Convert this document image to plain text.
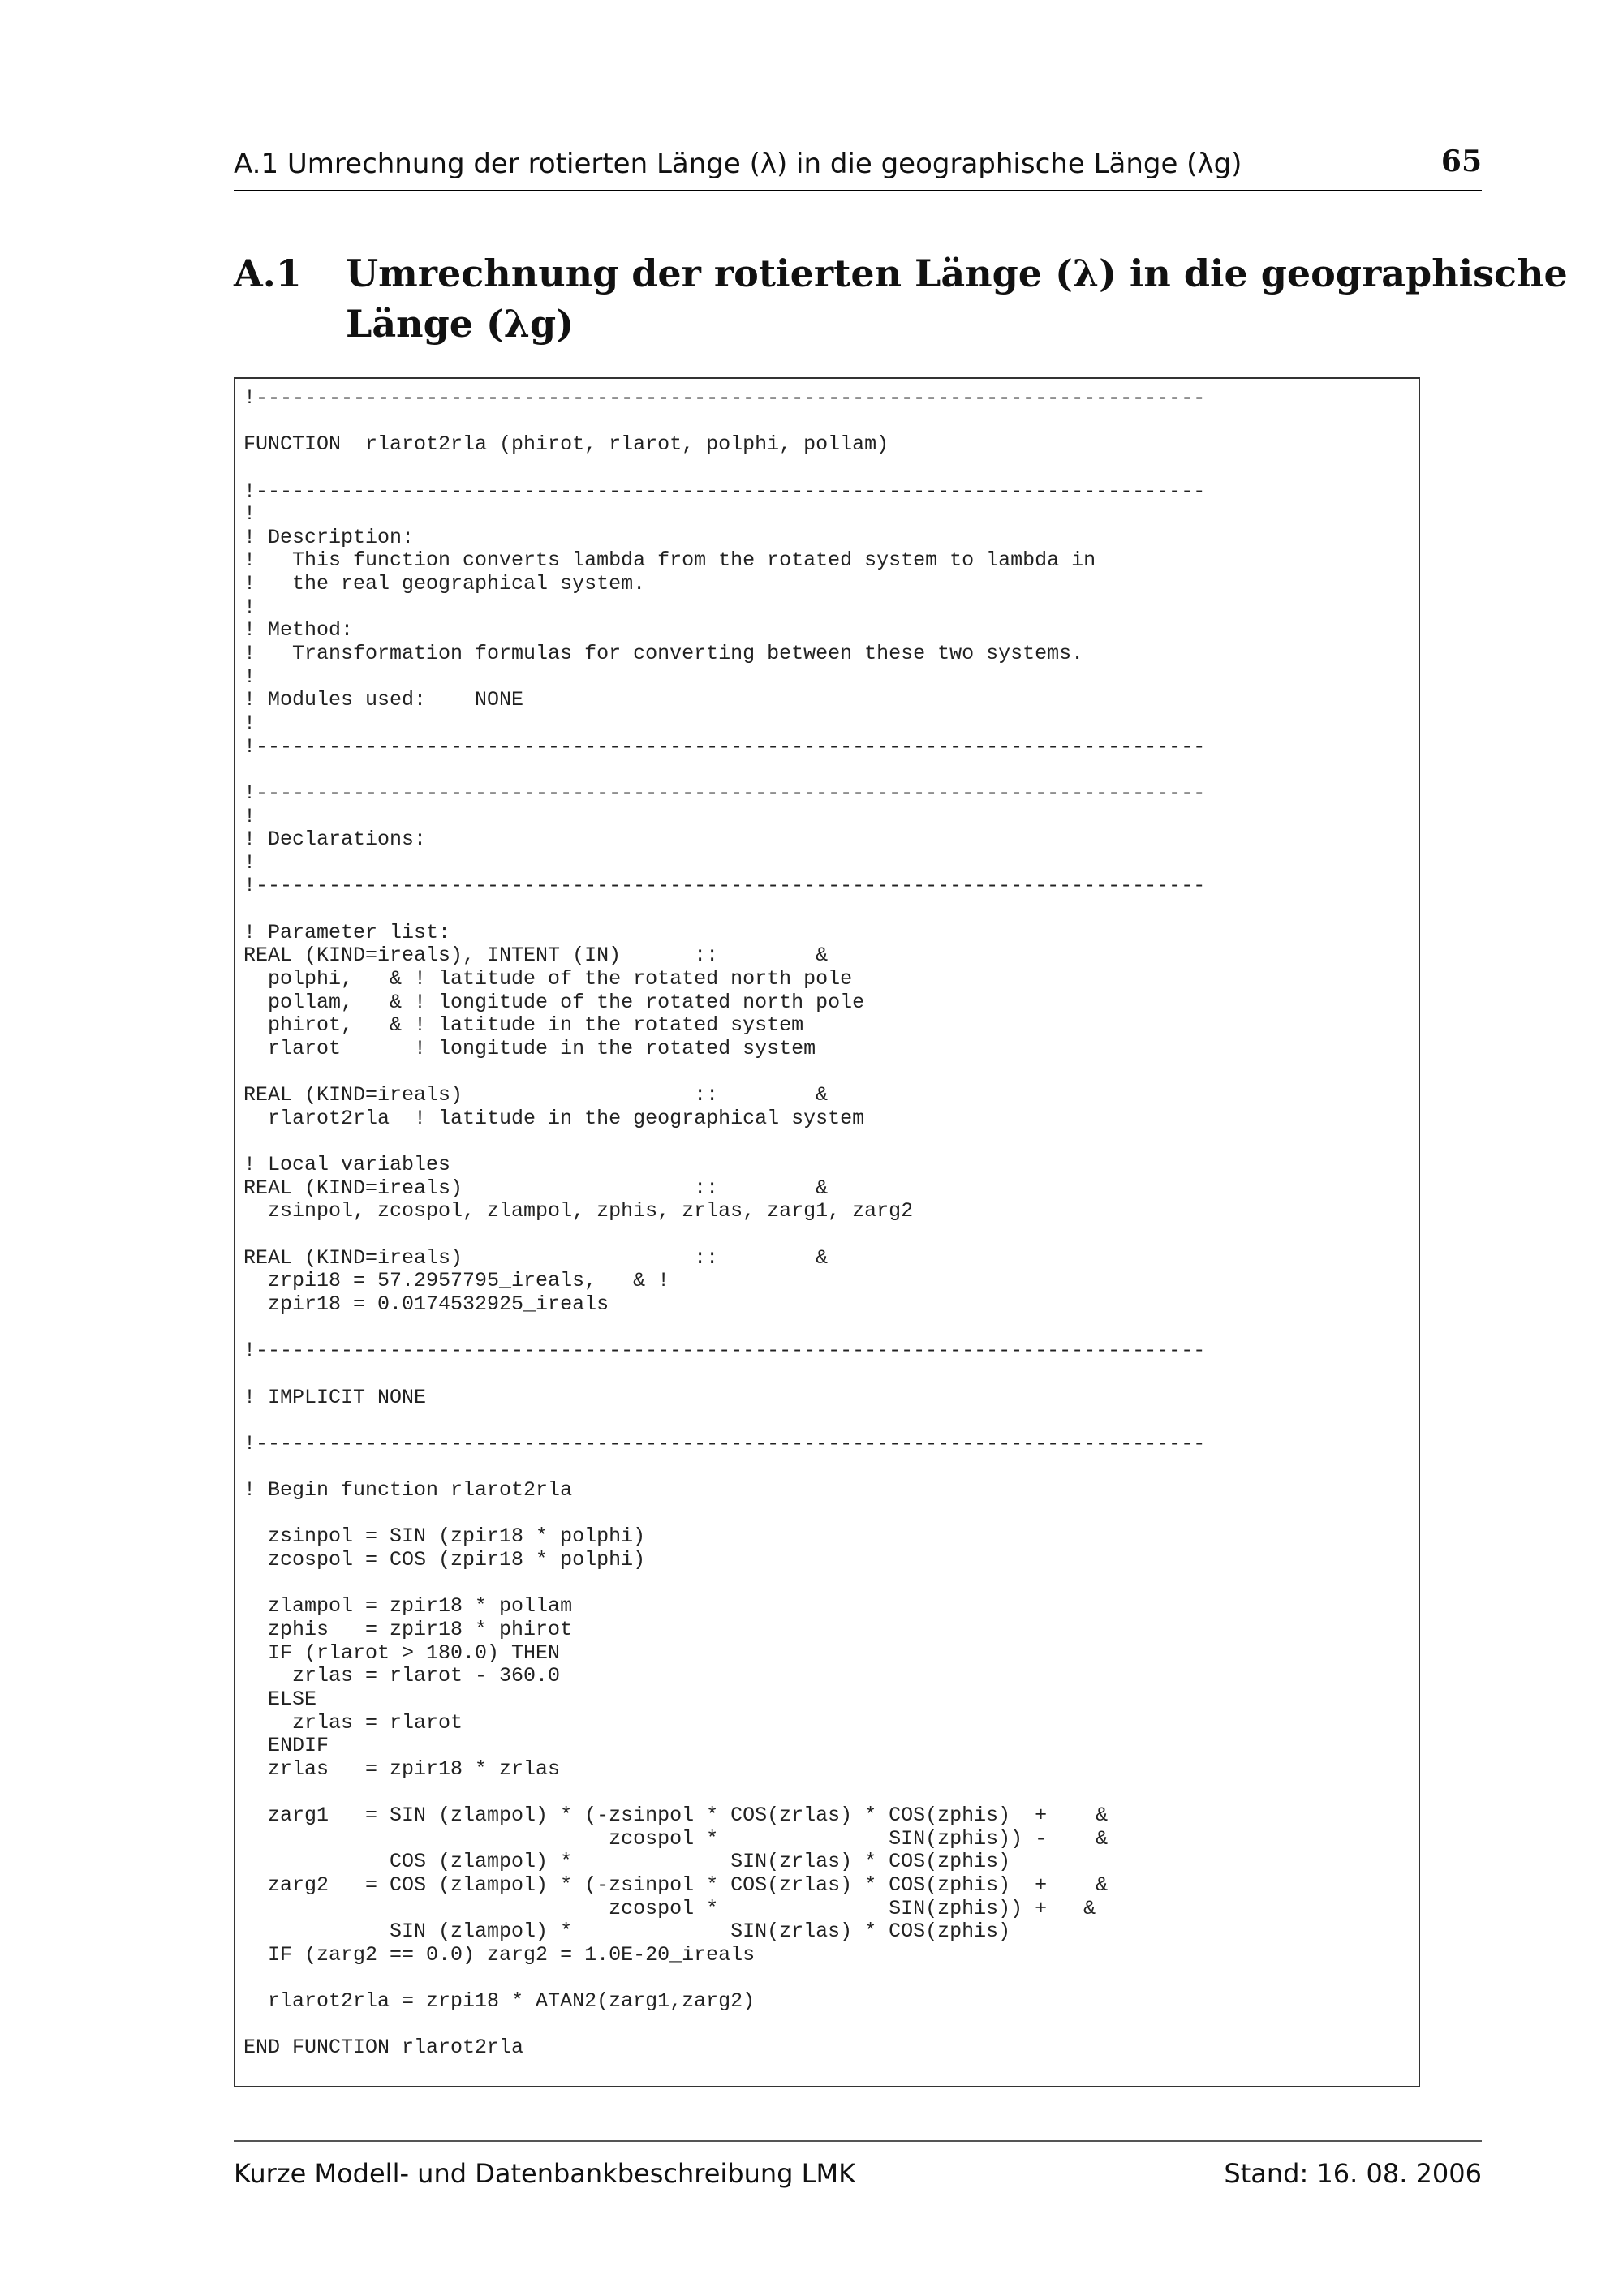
A.1 Umrechnung der rotierten Länge (λ) in die geographische Länge (λg)	65
A.1 Umrechnung der rotierten Länge (λ) in die geographische
Länge (λg)
!------------------------------------------------------------------------------
FUNCTION  rlarot2rla (phirot, rlarot, polphi, pollam)
!------------------------------------------------------------------------------
!
! Description:
!   This function converts lambda from the rotated system to lambda in
!   the real geographical system.
!
! Method:
!   Transformation formulas for converting between these two systems.
!
! Modules used:    NONE
!
!------------------------------------------------------------------------------
!------------------------------------------------------------------------------
!
! Declarations:
!
!------------------------------------------------------------------------------
! Parameter list:
REAL (KIND=ireals), INTENT (IN)      ::        &
polphi,   & ! latitude of the rotated north pole
pollam,   & ! longitude of the rotated north pole
phirot,   & ! latitude in the rotated system
rlarot      ! longitude in the rotated system
REAL (KIND=ireals)                   ::        &
rlarot2rla  ! latitude in the geographical system
! Local variables
REAL (KIND=ireals)                   ::        &
zsinpol, zcospol, zlampol, zphis, zrlas, zarg1, zarg2
REAL (KIND=ireals)                   ::        &
zrpi18 = 57.2957795_ireals,   & !
zpir18 = 0.0174532925_ireals
!------------------------------------------------------------------------------
! IMPLICIT NONE
!------------------------------------------------------------------------------
! Begin function rlarot2rla
zsinpol = SIN (zpir18 * polphi)
zcospol = COS (zpir18 * polphi)
zlampol = zpir18 * pollam
zphis   = zpir18 * phirot
IF (rlarot > 180.0) THEN
zrlas = rlarot - 360.0
ELSE
zrlas = rlarot
ENDIF
zrlas   = zpir18 * zrlas
zarg1   = SIN (zlampol) * (-zsinpol * COS(zrlas) * COS(zphis)  +    &
zcospol *              SIN(zphis)) -    &
COS (zlampol) *             SIN(zrlas) * COS(zphis)
zarg2   = COS (zlampol) * (-zsinpol * COS(zrlas) * COS(zphis)  +    &
zcospol *              SIN(zphis)) +   &
SIN (zlampol) *             SIN(zrlas) * COS(zphis)
IF (zarg2 == 0.0) zarg2 = 1.0E-20_ireals
rlarot2rla = zrpi18 * ATAN2(zarg1,zarg2)
END FUNCTION rlarot2rla
Kurze Modell- und Datenbankbeschreibung LMK	Stand: 16. 08. 2006
